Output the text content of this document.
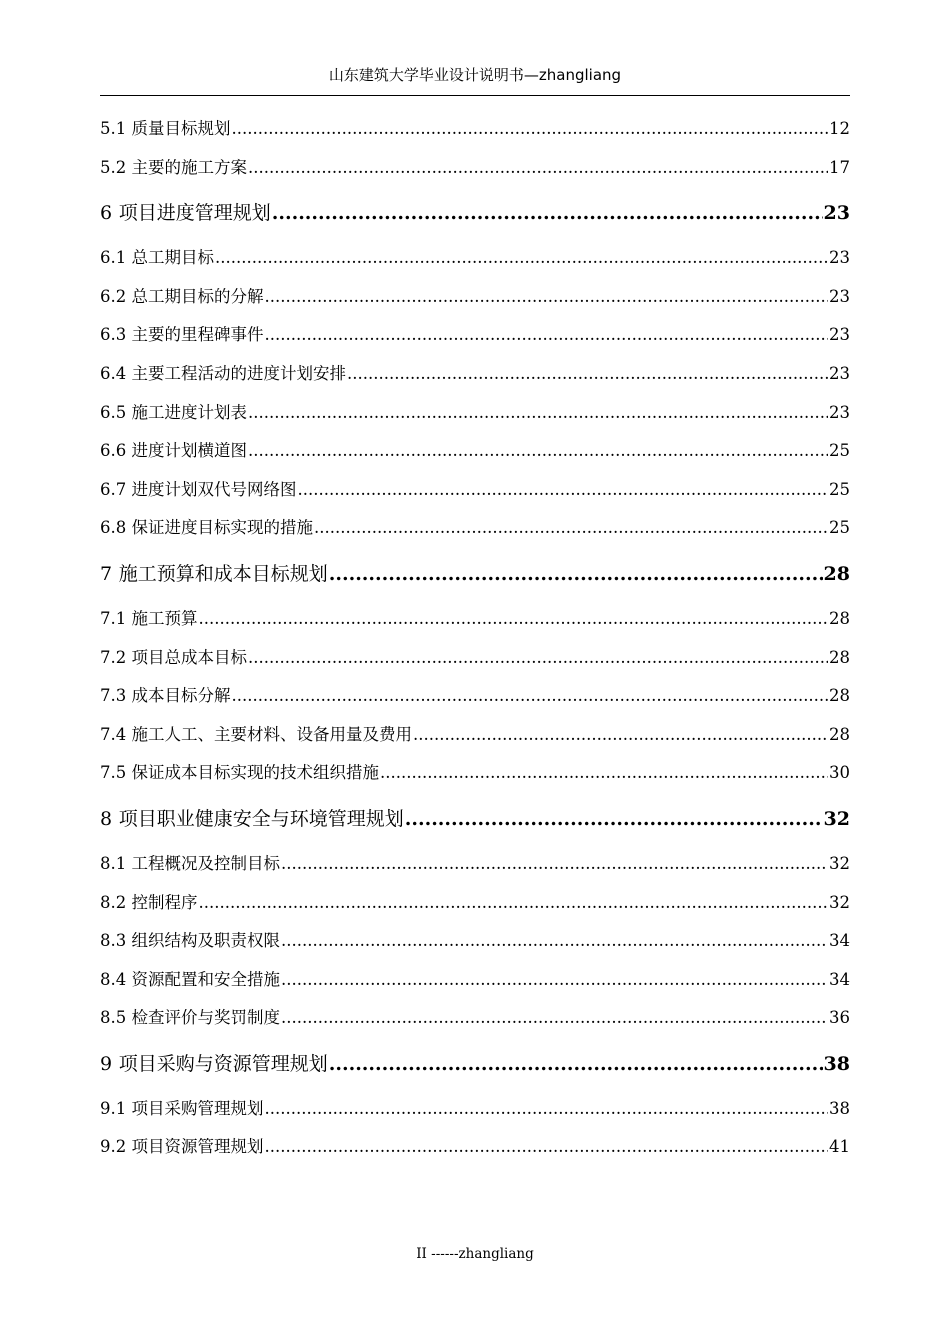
山东建筑大学毕业设计说明书—zhangliang
5.1 质量目标规划 .....	12
5.2 主要的施工方案 .....	17
6 项目进度管理规划 .....	23
6.1 总工期目标 .....	23
6.2 总工期目标的分解 .....	23
6.3 主要的里程碑事件 .....	23
6.4 主要工程活动的进度计划安排 .....	23
6.5 施工进度计划表 .....	23
6.6 进度计划横道图 .....	25
6.7 进度计划双代号网络图 .....	25
6.8 保证进度目标实现的措施 .....	25
7 施工预算和成本目标规划 .....	28
7.1 施工预算 .....	28
7.2 项目总成本目标 .....	28
7.3 成本目标分解 .....	28
7.4 施工人工、主要材料、设备用量及费用 .....	28
7.5 保证成本目标实现的技术组织措施 .....	30
8 项目职业健康安全与环境管理规划 .....	32
8.1 工程概况及控制目标 .....	32
8.2 控制程序 .....	32
8.3 组织结构及职责权限 .....	34
8.4 资源配置和安全措施 .....	34
8.5 检查评价与奖罚制度 .....	36
9 项目采购与资源管理规划 .....	38
9.1 项目采购管理规划 .....	38
9.2 项目资源管理规划 .....	41
II ------zhangliang
